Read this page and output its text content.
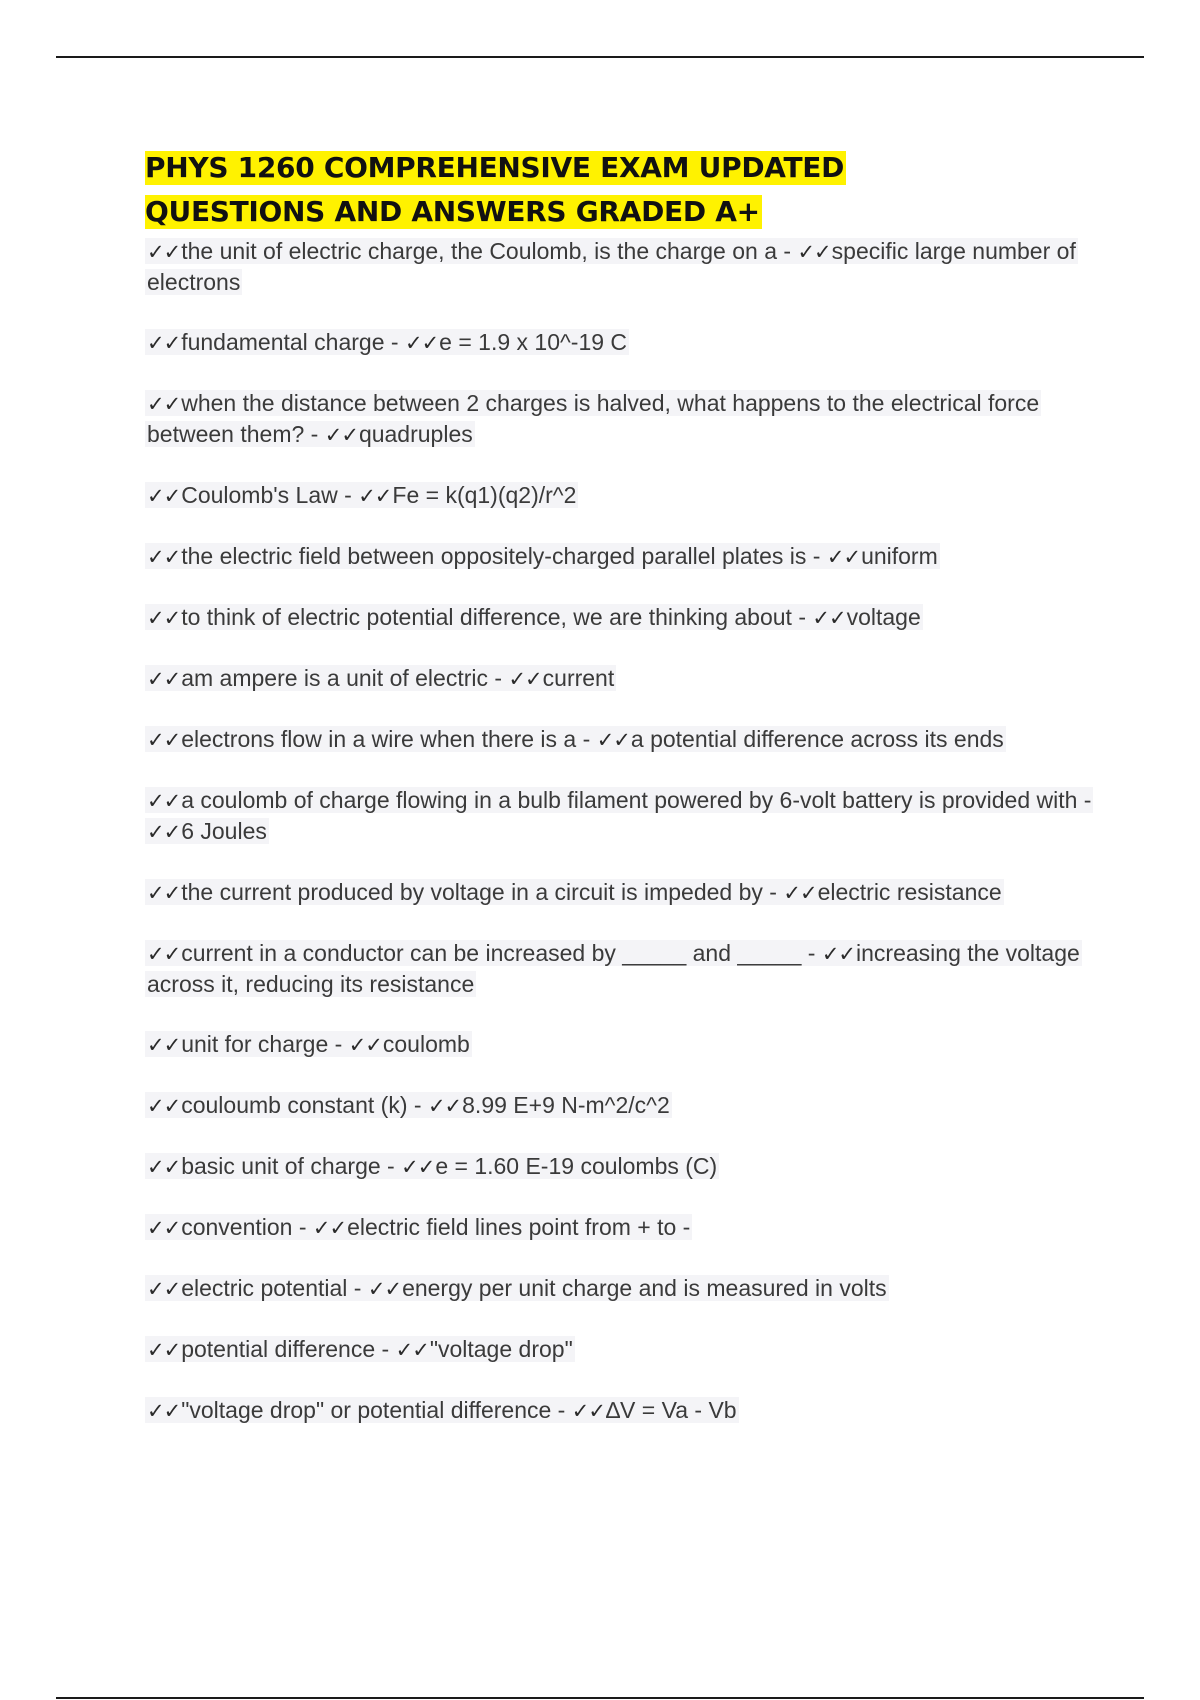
PHYS 1260 COMPREHENSIVE EXAM UPDATED
QUESTIONS AND ANSWERS GRADED A+
✓✓the unit of electric charge, the Coulomb, is the charge on a - ✓✓specific large number of electrons
✓✓fundamental charge - ✓✓e = 1.9 x 10^-19 C
✓✓when the distance between 2 charges is halved, what happens to the electrical force between them? - ✓✓quadruples
✓✓Coulomb's Law - ✓✓Fe = k(q1)(q2)/r^2
✓✓the electric field between oppositely-charged parallel plates is - ✓✓uniform
✓✓to think of electric potential difference, we are thinking about - ✓✓voltage
✓✓am ampere is a unit of electric - ✓✓current
✓✓electrons flow in a wire when there is a - ✓✓a potential difference across its ends
✓✓a coulomb of charge flowing in a bulb filament powered by 6-volt battery is provided with - ✓✓6 Joules
✓✓the current produced by voltage in a circuit is impeded by - ✓✓electric resistance
✓✓current in a conductor can be increased by _____ and _____ - ✓✓increasing the voltage across it, reducing its resistance
✓✓unit for charge - ✓✓coulomb
✓✓couloumb constant (k) - ✓✓8.99 E+9 N-m^2/c^2
✓✓basic unit of charge - ✓✓e = 1.60 E-19 coulombs (C)
✓✓convention - ✓✓electric field lines point from + to -
✓✓electric potential - ✓✓energy per unit charge and is measured in volts
✓✓potential difference - ✓✓"voltage drop"
✓✓"voltage drop" or potential difference - ✓✓∆V = Va - Vb
